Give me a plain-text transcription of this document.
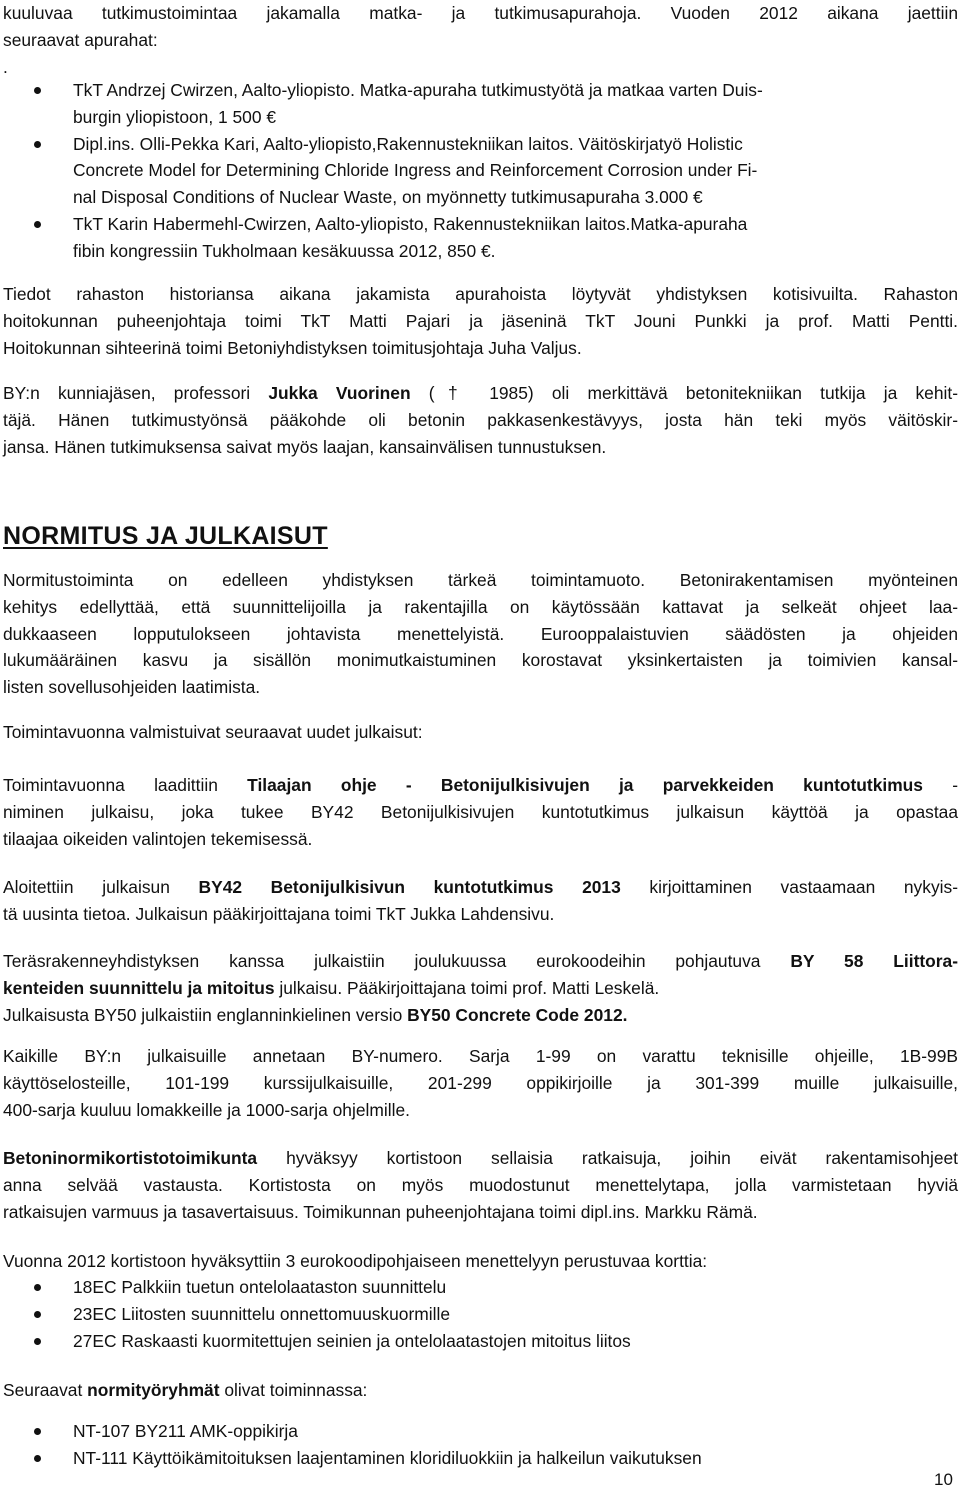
kuuluvaa tutkimustoimintaa jakamalla matka- ja tutkimusapurahoja. Vuoden 2012 aikana jaettiin
seuraavat apurahat:
.

TkT Andrzej Cwirzen, Aalto-yliopisto. Matka-apuraha tutkimustyötä ja matkaa varten Duis-
burgin yliopistoon, 1 500 €
Dipl.ins. Olli-Pekka Kari, Aalto-yliopisto,Rakennustekniikan laitos. Väitöskirjatyö Holistic
Concrete Model for Determining Chloride Ingress and Reinforcement Corrosion under Fi-
nal Disposal Conditions of Nuclear Waste, on myönnetty tutkimusapuraha 3.000 €
TkT Karin Habermehl-Cwirzen, Aalto-yliopisto, Rakennustekniikan laitos.Matka-apuraha
fibin kongressiin Tukholmaan kesäkuussa 2012, 850 €.

Tiedot rahaston historiansa aikana jakamista apurahoista löytyvät yhdistyksen kotisivuilta. Rahaston
hoitokunnan puheenjohtaja toimi TkT Matti Pajari ja jäseninä TkT Jouni Punkki ja prof. Matti Pentti.
Hoitokunnan sihteerinä toimi Betoniyhdistyksen toimitusjohtaja Juha Valjus.

BY:n kunniajäsen, professori Jukka Vuorinen († 1985) oli merkittävä betonitekniikan tutkija ja kehit-
täjä. Hänen tutkimustyönsä pääkohde oli betonin pakkasenkestävyys, josta hän teki myös väitöskir-
jansa. Hänen tutkimuksensa saivat myös laajan, kansainvälisen tunnustuksen.

NORMITUS JA JULKAISUT

Normitustoiminta on edelleen yhdistyksen tärkeä toimintamuoto. Betonirakentamisen myönteinen
kehitys edellyttää, että suunnittelijoilla ja rakentajilla on käytössään kattavat ja selkeät ohjeet laa-
dukkaaseen lopputulokseen johtavista menettelyistä. Eurooppalaistuvien säädösten ja ohjeiden
lukumääräinen kasvu ja sisällön monimutkaistuminen korostavat yksinkertaisten ja toimivien kansal-
listen sovellusohjeiden laatimista.

Toimintavuonna valmistuivat seuraavat uudet julkaisut:

Toimintavuonna laadittiin Tilaajan ohje - Betonijulkisivujen ja parvekkeiden kuntotutkimus -
niminen julkaisu, joka tukee BY42 Betonijulkisivujen kuntotutkimus julkaisun käyttöä ja opastaa
tilaajaa oikeiden valintojen tekemisessä.

Aloitettiin julkaisun BY42 Betonijulkisivun kuntotutkimus 2013 kirjoittaminen vastaamaan nykyis-
tä uusinta tietoa. Julkaisun pääkirjoittajana toimi TkT Jukka Lahdensivu.

Teräsrakenneyhdistyksen kanssa julkaistiin joulukuussa eurokoodeihin pohjautuva BY 58 Liittora-
kenteiden suunnittelu ja mitoitus julkaisu. Pääkirjoittajana toimi prof. Matti Leskelä.
Julkaisusta BY50 julkaistiin englanninkielinen versio BY50 Concrete Code 2012.

Kaikille BY:n julkaisuille annetaan BY-numero. Sarja 1-99 on varattu teknisille ohjeille, 1B-99B
käyttöselosteille, 101-199 kurssijulkaisuille, 201-299 oppikirjoille ja 301-399 muille julkaisuille,
400-sarja kuuluu lomakkeille ja 1000-sarja ohjelmille.

Betoninormikortistotoimikunta hyväksyy kortistoon sellaisia ratkaisuja, joihin eivät rakentamisohjeet
anna selvää vastausta. Kortistosta on myös muodostunut menettelytapa, jolla varmistetaan hyviä
ratkaisujen varmuus ja tasavertaisuus. Toimikunnan puheenjohtajana toimi dipl.ins. Markku Rämä.

Vuonna 2012 kortistoon hyväksyttiin 3 eurokoodipohjaiseen menettelyyn perustuvaa korttia:

18EC Palkkiin tuetun ontelolaataston suunnittelu
23EC Liitosten suunnittelu onnettomuuskuormille
27EC Raskaasti kuormitettujen seinien ja ontelolaatastojen mitoitus liitos

Seuraavat normityöryhmät olivat toiminnassa:

NT-107 BY211 AMK-oppikirja
NT-111 Käyttöikämitoituksen laajentaminen kloridiluokkiin ja halkeilun vaikutuksen
10
